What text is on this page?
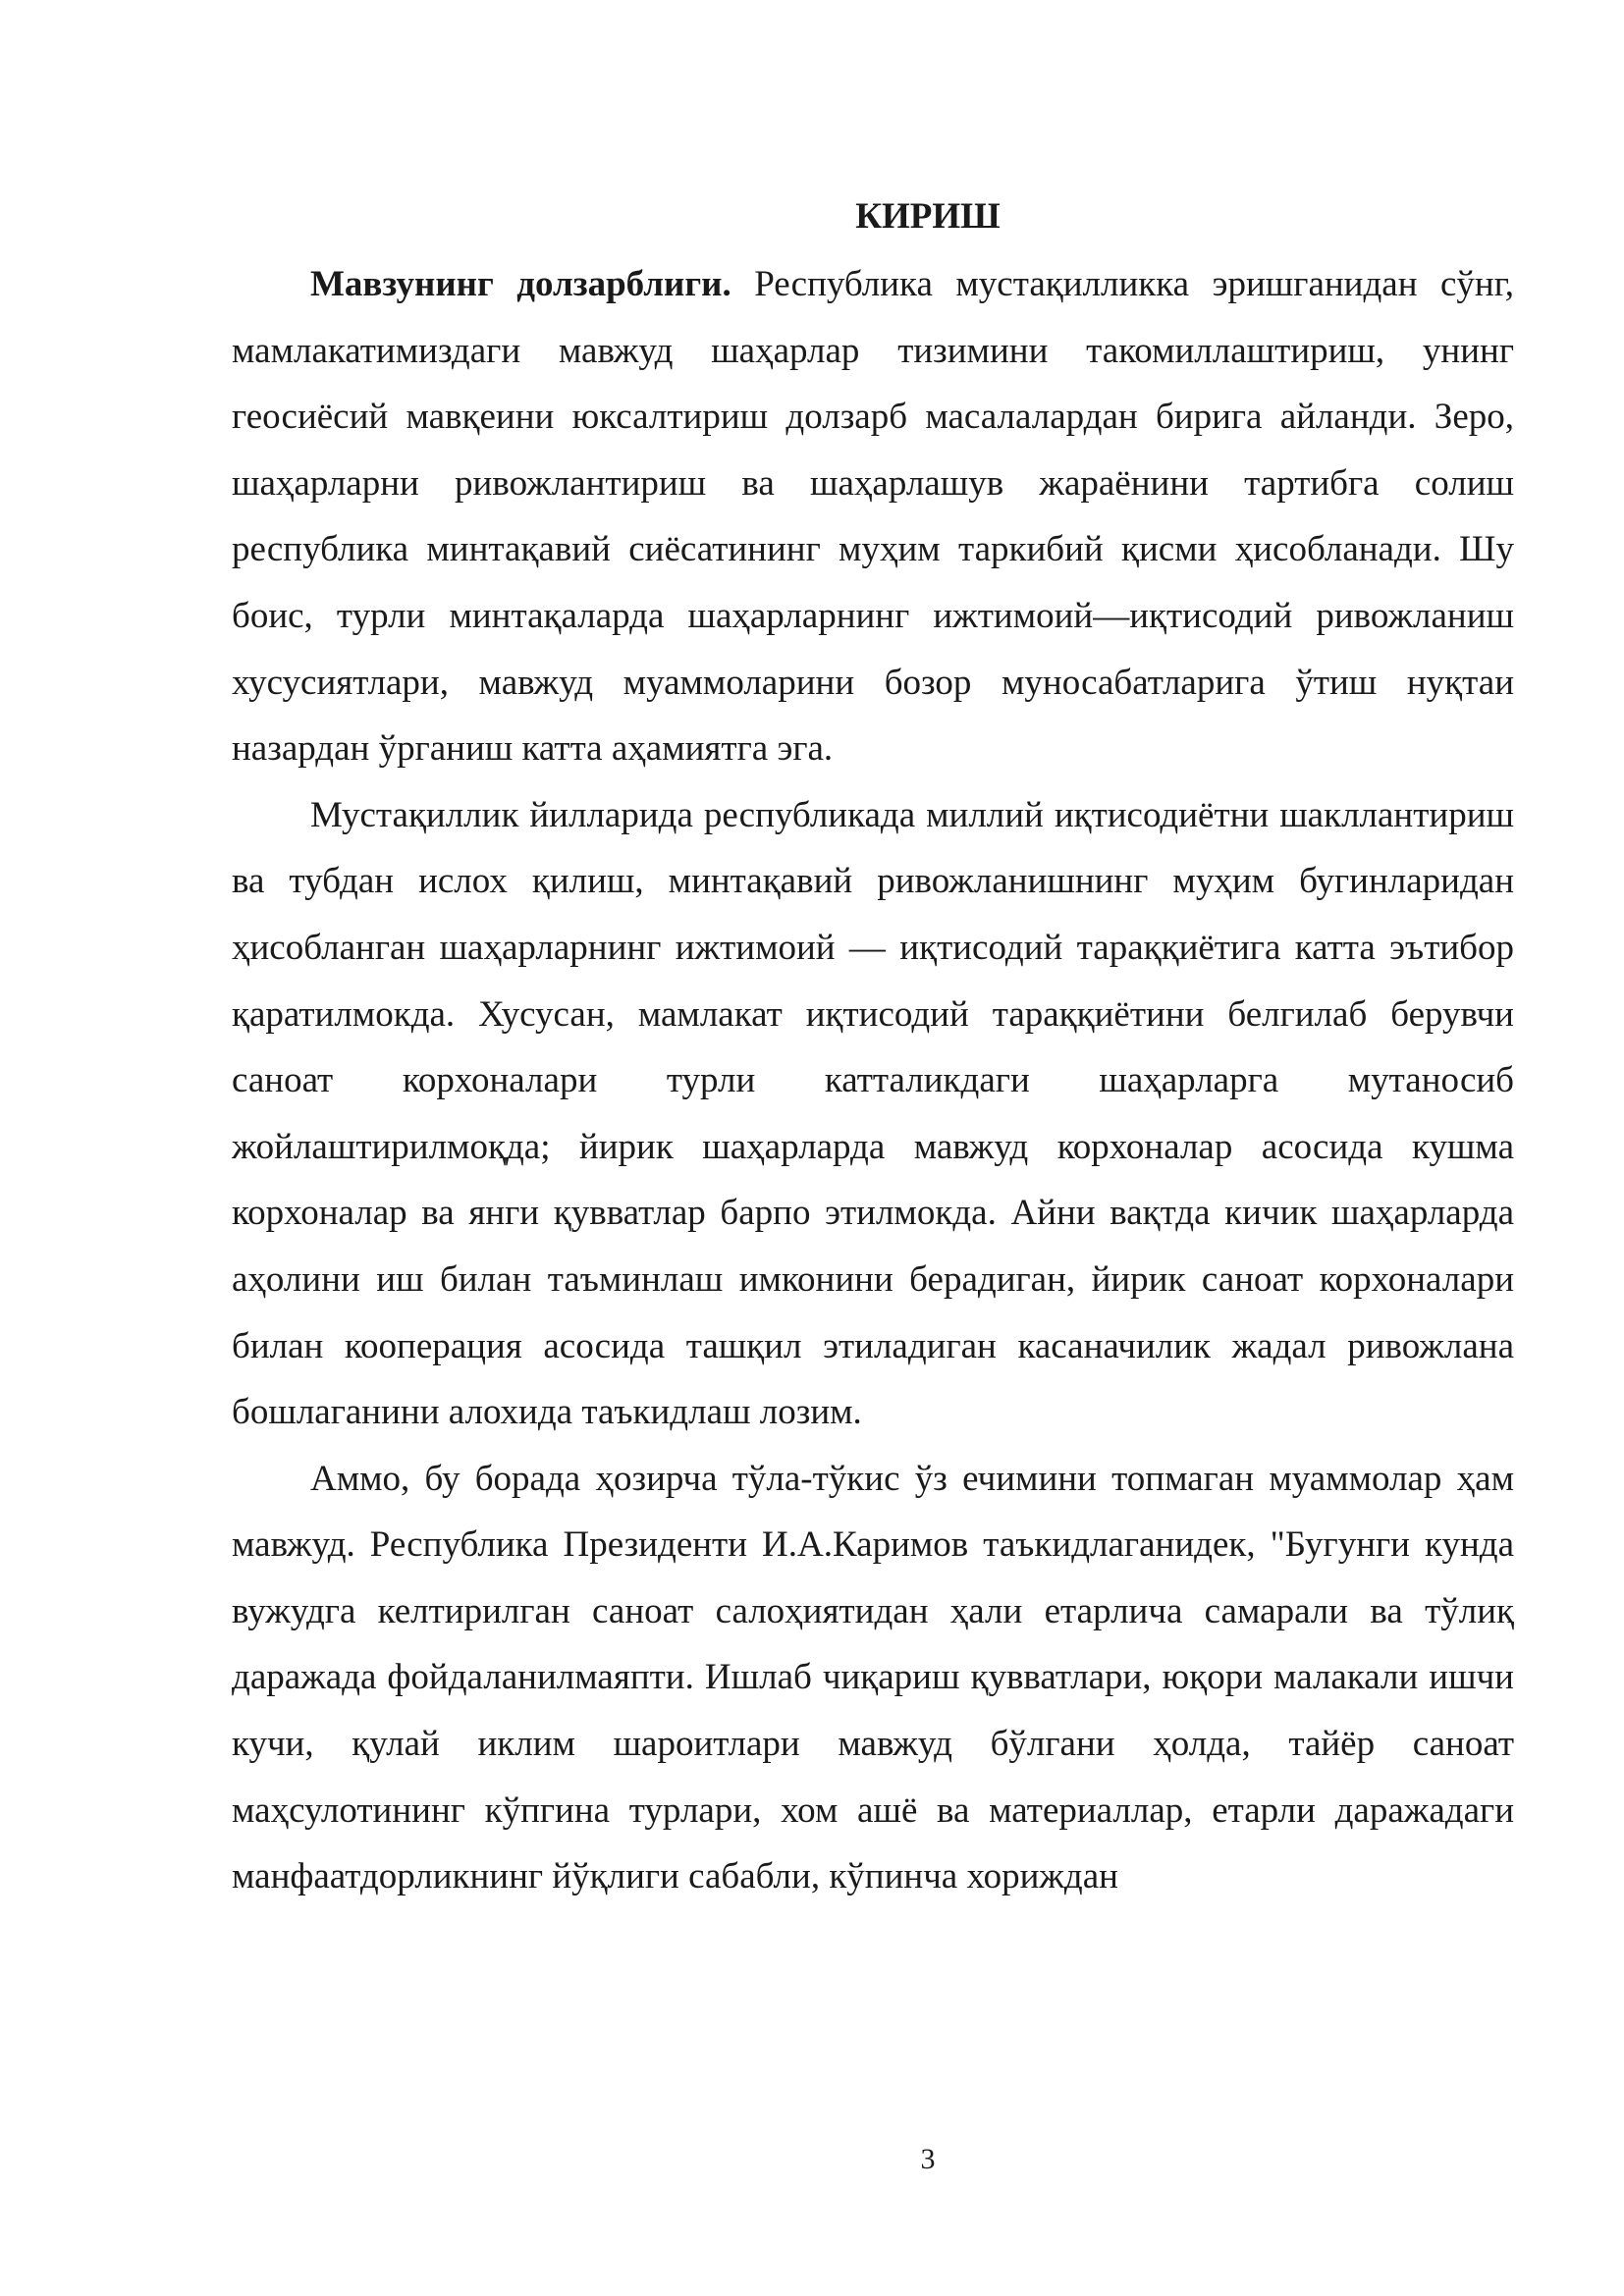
КИРИШ

Мавзунинг долзарблиги. Республика мустақилликка эришганидан сўнг, мамлакатимиздаги мавжуд шаҳарлар тизимини такомиллаштириш, унинг геосиёсий мавқеини юксалтириш долзарб масалалардан бирига айланди. Зеро, шаҳарларни ривожлантириш ва шаҳарлашув жараёнини тартибга солиш республика минтақавий сиёсатининг муҳим таркибий қисми ҳисобланади. Шу боис, турли минтақаларда шаҳарларнинг ижтимоий—иқтисодий ривожланиш хусусиятлари, мавжуд муаммоларини бозор муносабатларига ўтиш нуқтаи назардан ўрганиш катта аҳамиятга эга.

Мустақиллик йилларида республикада миллий иқтисодиётни шакллантириш ва тубдан ислох қилиш, минтақавий ривожланишнинг муҳим бугинларидан ҳисобланган шаҳарларнинг ижтимоий — иқтисодий тараққиётига катта эътибор қаратилмокда. Хусусан, мамлакат иқтисодий тараққиётини белгилаб берувчи саноат корхоналари турли катталикдаги шаҳарларга мутаносиб жойлаштирилмоқда; йирик шаҳарларда мавжуд корхоналар асосида кушма корхоналар ва янги қувватлар барпо этилмокда. Айни вақтда кичик шаҳарларда аҳолини иш билан таъминлаш имконини берадиган, йирик саноат корхоналари билан кооперация асосида ташқил этиладиган касаначилик жадал ривожлана бошлаганини алохида таъкидлаш лозим.

Аммо, бу борада ҳозирча тўла-тўкис ўз ечимини топмаган муаммолар ҳам мавжуд. Республика Президенти И.А.Каримов таъкидлаганидек, "Бугунги кунда вужудга келтирилган саноат салоҳиятидан ҳали етарлича самарали ва тўлиқ даражада фойдаланилмаяпти. Ишлаб чиқариш қувватлари, юқори малакали ишчи кучи, қулай иклим шароитлари мавжуд бўлгани ҳолда, тайёр саноат маҳсулотининг кўпгина турлари, хом ашё ва материаллар, етарли даражадаги манфаатдорликнинг йўқлиги сабабли, кўпинча хориждан

3
